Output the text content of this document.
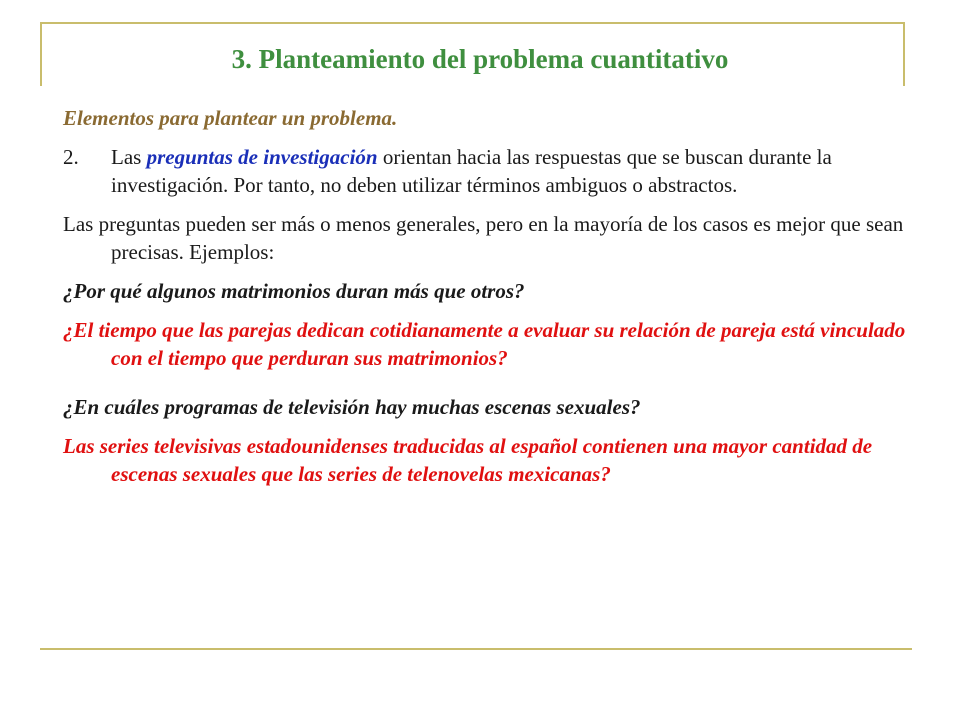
3. Planteamiento del problema cuantitativo
Elementos para plantear un problema.
2. Las preguntas de investigación orientan hacia las respuestas que se buscan durante la investigación. Por tanto, no deben utilizar términos ambiguos o abstractos.
Las preguntas pueden ser más o menos generales, pero en la mayoría de los casos es mejor que sean precisas. Ejemplos:
¿Por qué algunos matrimonios duran más que otros?
¿El tiempo que las parejas dedican cotidianamente a evaluar su relación de pareja está vinculado con el tiempo que perduran sus matrimonios?
¿En cuáles programas de televisión hay muchas escenas sexuales?
Las series televisivas estadounidenses traducidas al español contienen una mayor cantidad de escenas sexuales que las series de telenovelas mexicanas?
